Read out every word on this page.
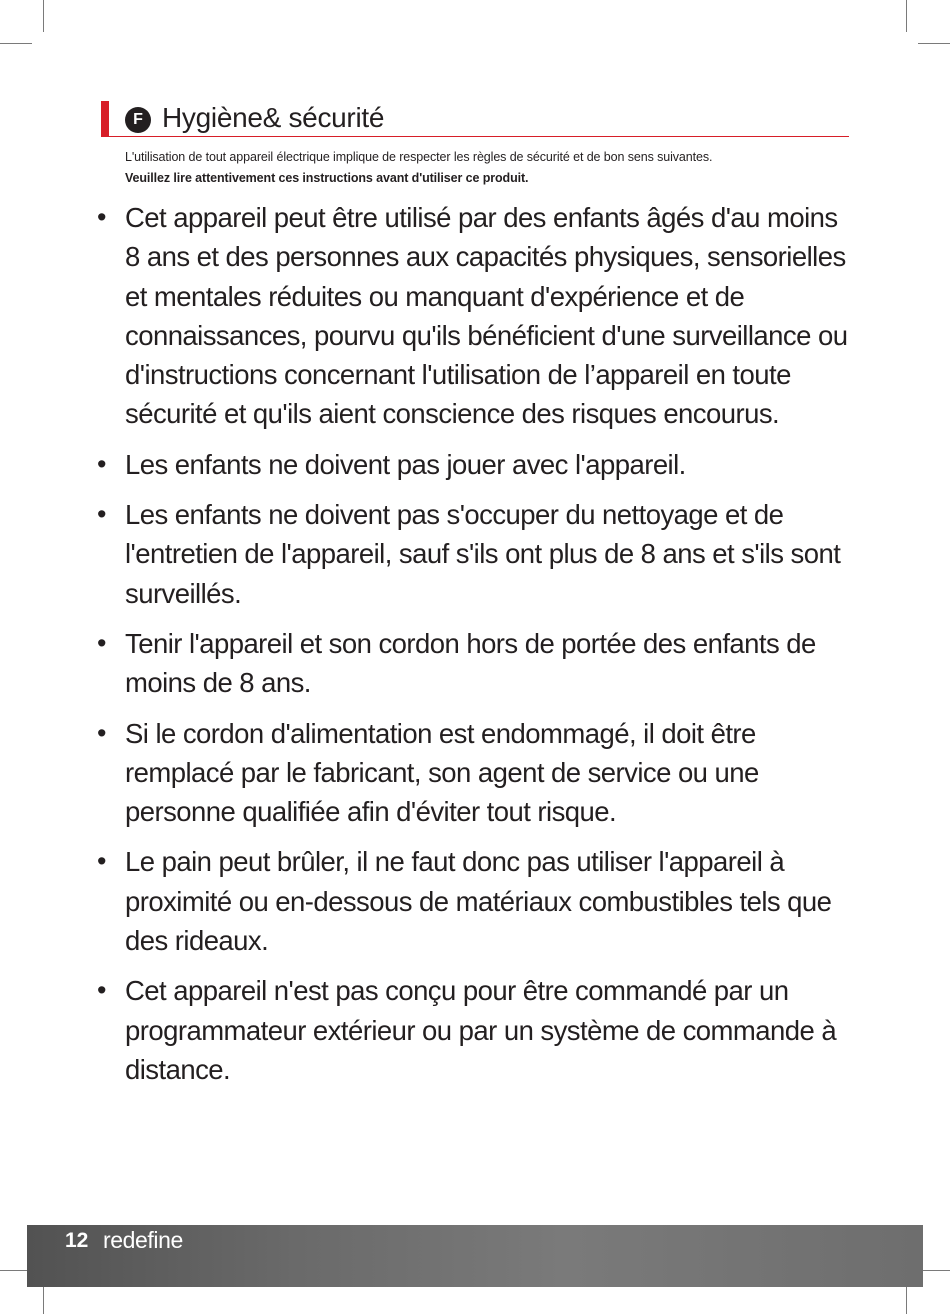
F Hygiène& sécurité

L'utilisation de tout appareil électrique implique de respecter les règles de sécurité et de bon sens suivantes.

Veuillez lire attentivement ces instructions avant d'utiliser ce produit.

• Cet appareil peut être utilisé par des enfants âgés d'au moins 8 ans et des personnes aux capacités physiques, sensorielles et mentales réduites ou manquant d'expérience et de connaissances, pourvu qu'ils bénéficient d'une surveillance ou d'instructions concernant l'utilisation de l’appareil en toute sécurité et qu'ils aient conscience des risques encourus.
• Les enfants ne doivent pas jouer avec l'appareil.
• Les enfants ne doivent pas s'occuper du nettoyage et de l'entretien de l'appareil, sauf s'ils ont plus de 8 ans et s'ils sont surveillés.
• Tenir l'appareil et son cordon hors de portée des enfants de moins de 8 ans.
• Si le cordon d'alimentation est endommagé, il doit être remplacé par le fabricant, son agent de service ou une personne qualifiée afin d'éviter tout risque.
• Le pain peut brûler, il ne faut donc pas utiliser l'appareil à proximité ou en-dessous de matériaux combustibles tels que des rideaux.
• Cet appareil n'est pas conçu pour être commandé par un programmateur extérieur ou par un système de commande à distance.
12 redefine
